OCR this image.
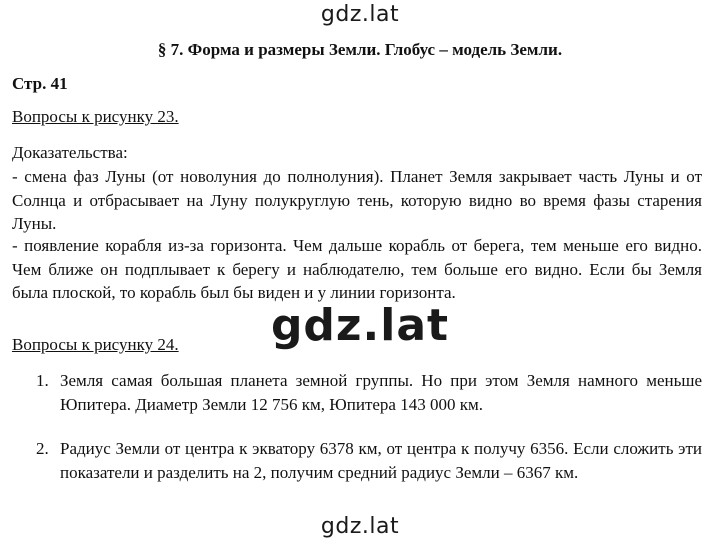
gdz.lat
§ 7. Форма и размеры Земли. Глобус – модель Земли.
Стр. 41
Вопросы к рисунку 23.
Доказательства:
- смена фаз Луны (от новолуния до полнолуния). Планет Земля закрывает часть Луны и от Солнца и отбрасывает на Луну полукруглую тень, которую видно во время фазы старения Луны.
- появление корабля из-за горизонта. Чем дальше корабль от берега, тем меньше его видно. Чем ближе он подплывает к берегу и наблюдателю, тем больше его видно. Если бы Земля была плоской, то корабль был бы виден и у линии горизонта.
gdz.lat
Вопросы к рисунку 24.
1. Земля самая большая планета земной группы. Но при этом Земля намного меньше Юпитера. Диаметр Земли 12 756 км, Юпитера 143 000 км.
2. Радиус Земли от центра к экватору 6378 км, от центра к получу 6356. Если сложить эти показатели и разделить на 2, получим средний радиус Земли – 6367 км.
gdz.lat
